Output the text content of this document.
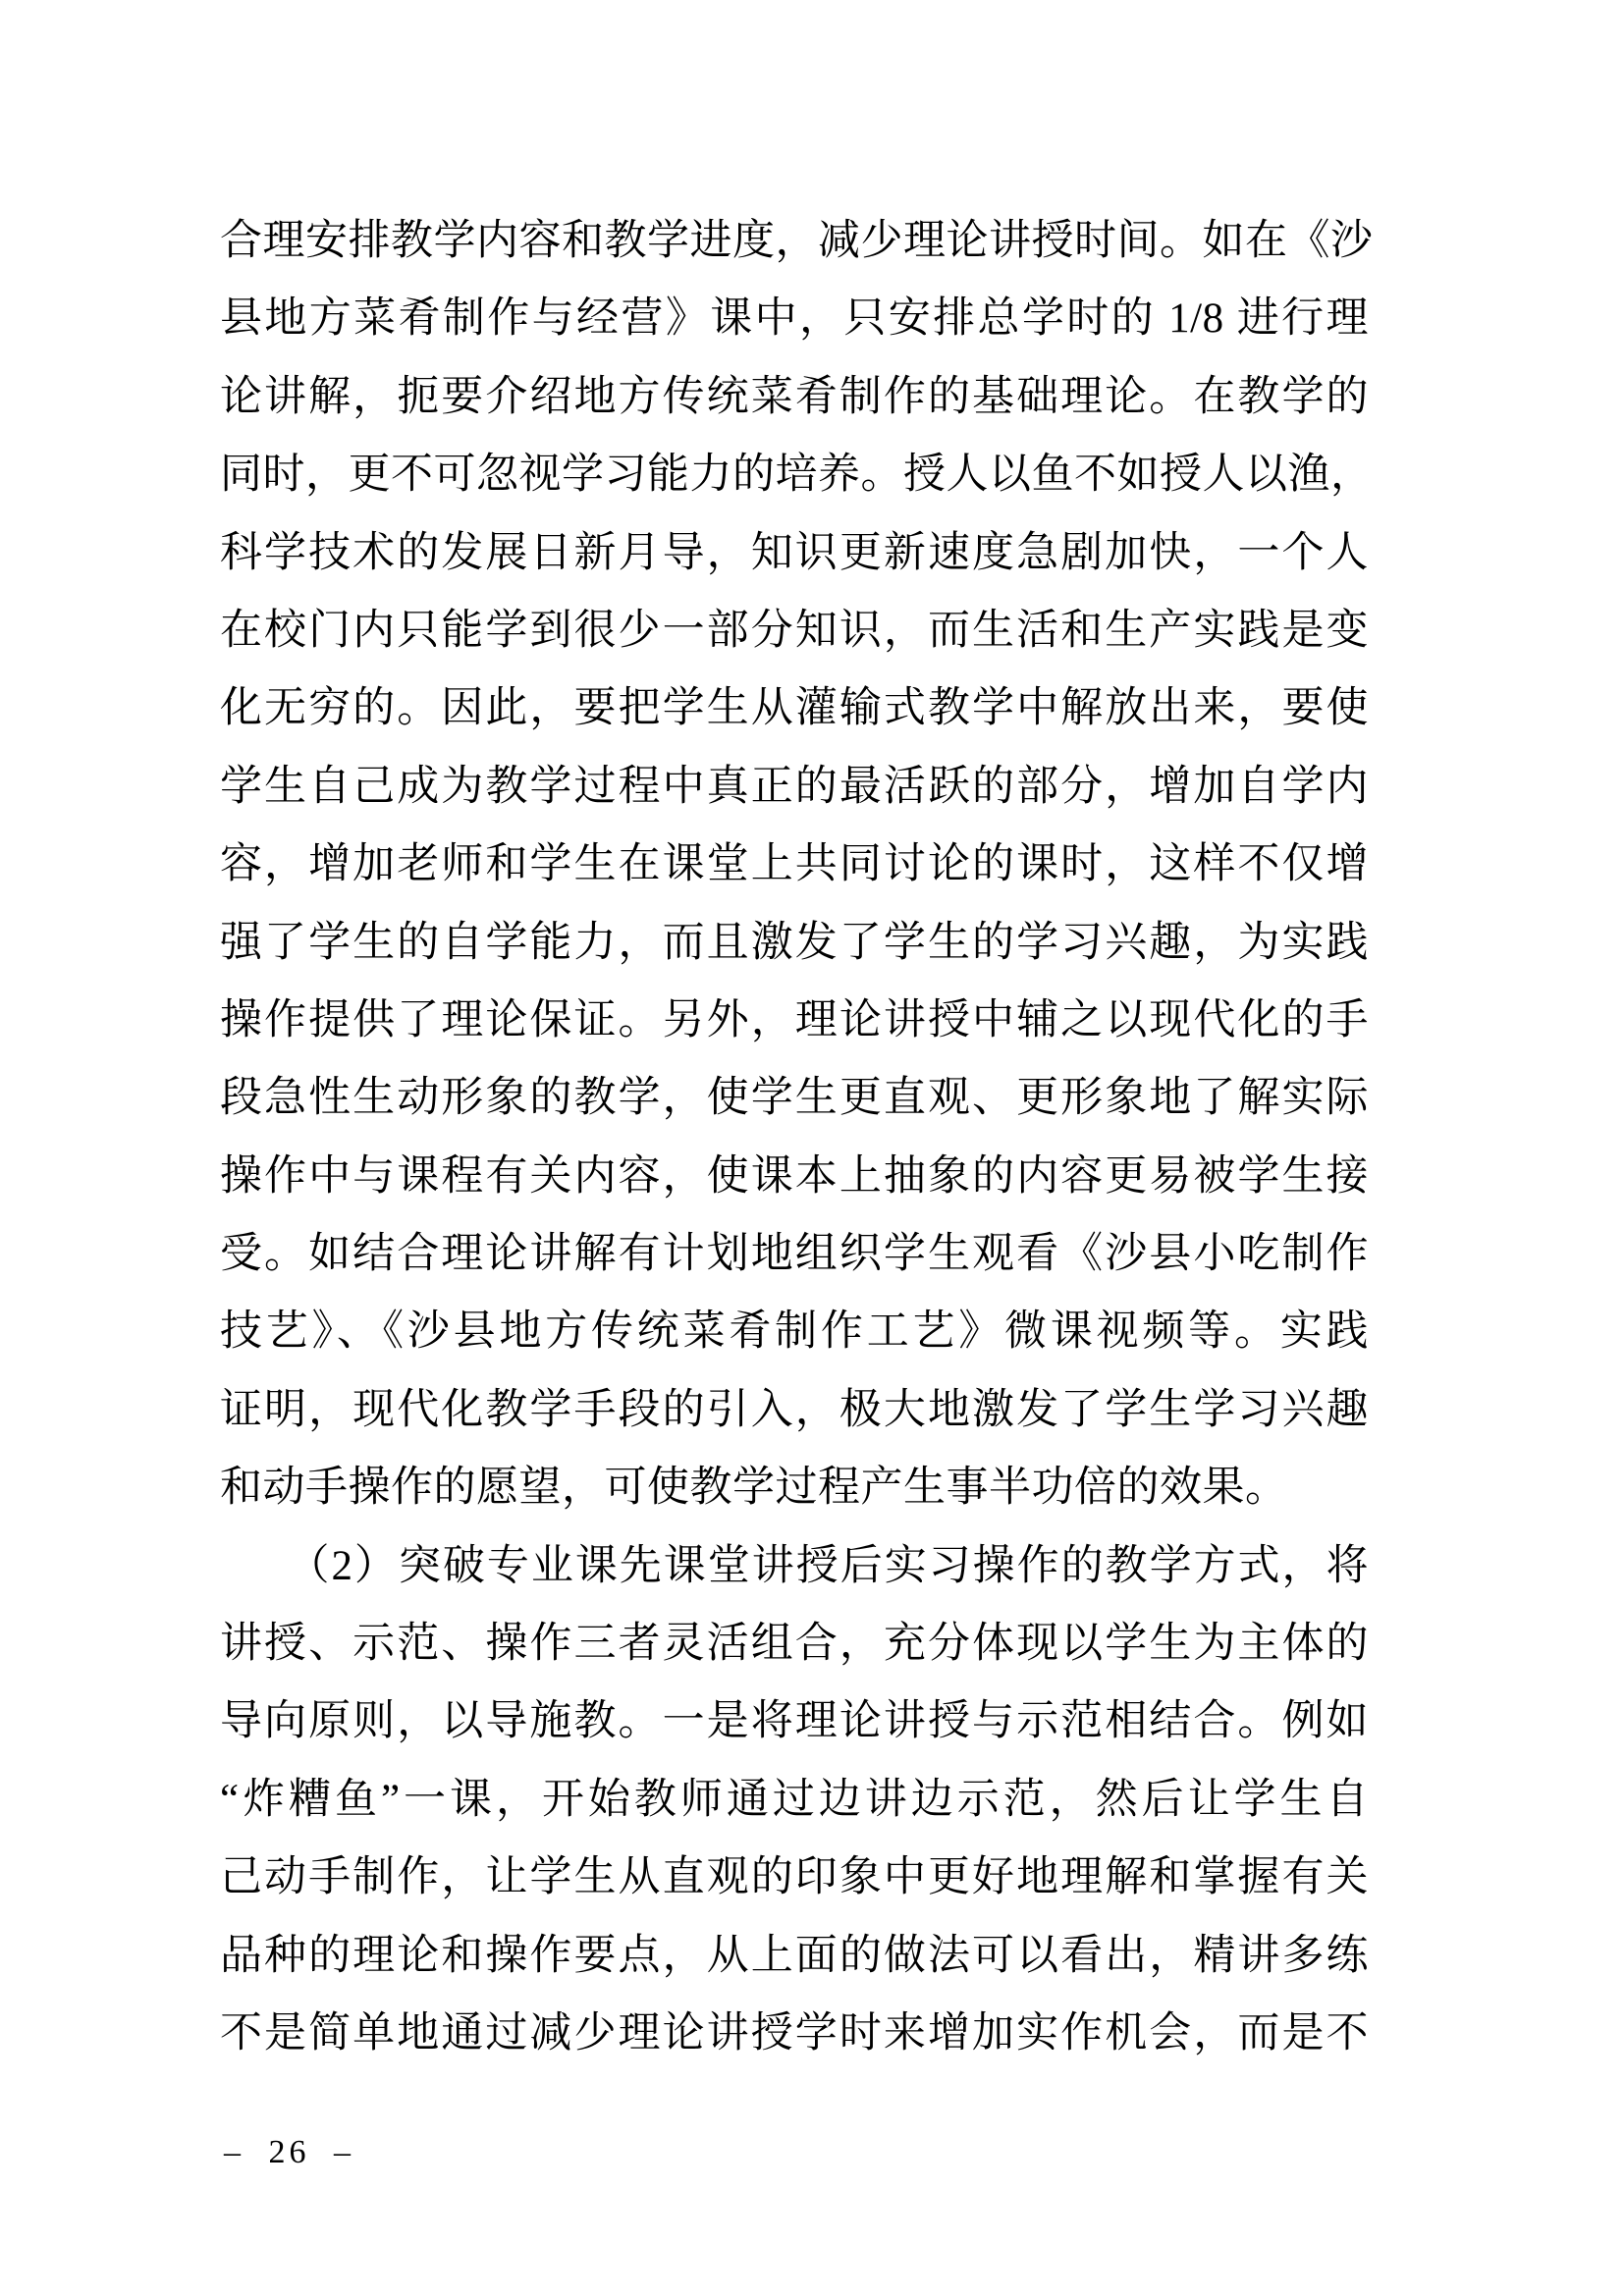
合理安排教学内容和教学进度，减少理论讲授时间。如在《沙
县地方菜肴制作与经营》课中，只安排总学时的 1/8 进行理
论讲解，扼要介绍地方传统菜肴制作的基础理论。在教学的
同时，更不可忽视学习能力的培养。授人以鱼不如授人以渔，
科学技术的发展日新月导，知识更新速度急剧加快，一个人
在校门内只能学到很少一部分知识，而生活和生产实践是变
化无穷的。因此，要把学生从灌输式教学中解放出来，要使
学生自己成为教学过程中真正的最活跃的部分，增加自学内
容，增加老师和学生在课堂上共同讨论的课时，这样不仅增
强了学生的自学能力，而且激发了学生的学习兴趣，为实践
操作提供了理论保证。另外，理论讲授中辅之以现代化的手
段急性生动形象的教学，使学生更直观、更形象地了解实际
操作中与课程有关内容，使课本上抽象的内容更易被学生接
受。如结合理论讲解有计划地组织学生观看《沙县小吃制作
技艺》、《沙县地方传统菜肴制作工艺》微课视频等。实践
证明，现代化教学手段的引入，极大地激发了学生学习兴趣
和动手操作的愿望，可使教学过程产生事半功倍的效果。
　　（2）突破专业课先课堂讲授后实习操作的教学方式，将
讲授、示范、操作三者灵活组合，充分体现以学生为主体的
导向原则，以导施教。一是将理论讲授与示范相结合。例如
“炸糟鱼”一课，开始教师通过边讲边示范，然后让学生自
己动手制作，让学生从直观的印象中更好地理解和掌握有关
品种的理论和操作要点，从上面的做法可以看出，精讲多练
不是简单地通过减少理论讲授学时来增加实作机会，而是不
– 26 –
